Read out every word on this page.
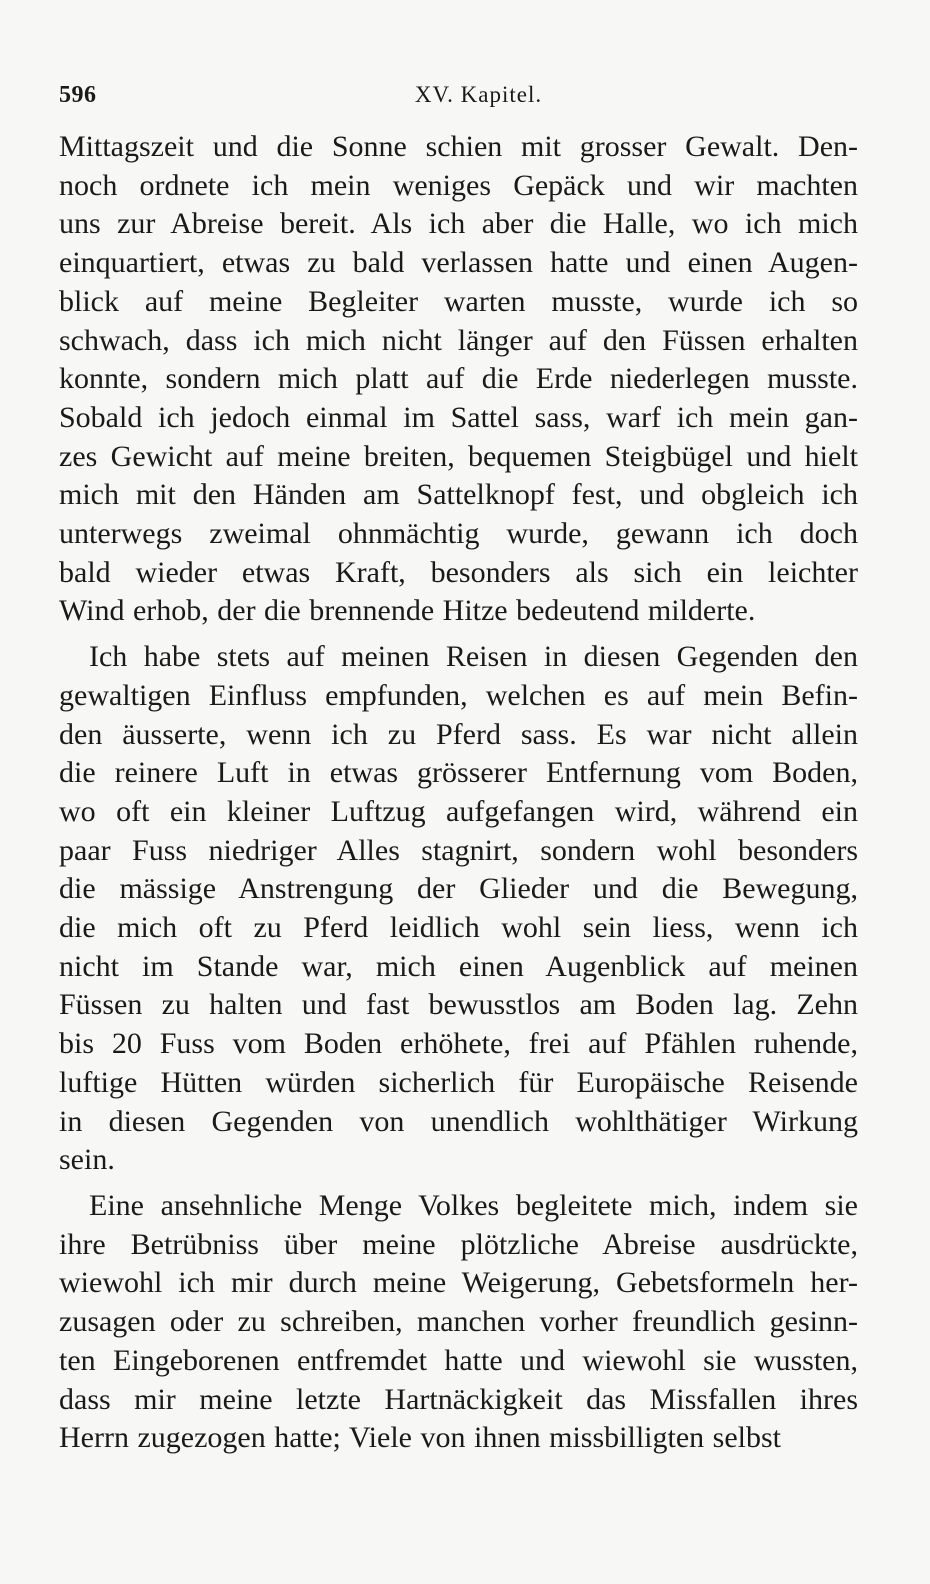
596	XV. Kapitel.

Mittagszeit und die Sonne schien mit grosser Gewalt. Den-
noch ordnete ich mein weniges Gepäck und wir machten
uns zur Abreise bereit. Als ich aber die Halle, wo ich mich
einquartiert, etwas zu bald verlassen hatte und einen Augen-
blick auf meine Begleiter warten musste, wurde ich so
schwach, dass ich mich nicht länger auf den Füssen erhalten
konnte, sondern mich platt auf die Erde niederlegen musste.
Sobald ich jedoch einmal im Sattel sass, warf ich mein gan-
zes Gewicht auf meine breiten, bequemen Steigbügel und hielt
mich mit den Händen am Sattelknopf fest, und obgleich ich
unterwegs zweimal ohnmächtig wurde, gewann ich doch
bald wieder etwas Kraft, besonders als sich ein leichter
Wind erhob, der die brennende Hitze bedeutend milderte.

Ich habe stets auf meinen Reisen in diesen Gegenden den
gewaltigen Einfluss empfunden, welchen es auf mein Befin-
den äusserte, wenn ich zu Pferd sass. Es war nicht allein
die reinere Luft in etwas grösserer Entfernung vom Boden,
wo oft ein kleiner Luftzug aufgefangen wird, während ein
paar Fuss niedriger Alles stagnirt, sondern wohl besonders
die mässige Anstrengung der Glieder und die Bewegung,
die mich oft zu Pferd leidlich wohl sein liess, wenn ich
nicht im Stande war, mich einen Augenblick auf meinen
Füssen zu halten und fast bewusstlos am Boden lag. Zehn
bis 20 Fuss vom Boden erhöhete, frei auf Pfählen ruhende,
luftige Hütten würden sicherlich für Europäische Reisende
in diesen Gegenden von unendlich wohlthätiger Wirkung
sein.

Eine ansehnliche Menge Volkes begleitete mich, indem sie
ihre Betrübniss über meine plötzliche Abreise ausdrückte,
wiewohl ich mir durch meine Weigerung, Gebetsformeln her-
zusagen oder zu schreiben, manchen vorher freundlich gesinn-
ten Eingeborenen entfremdet hatte und wiewohl sie wussten,
dass mir meine letzte Hartnäckigkeit das Missfallen ihres
Herrn zugezogen hatte; Viele von ihnen missbilligten selbst
